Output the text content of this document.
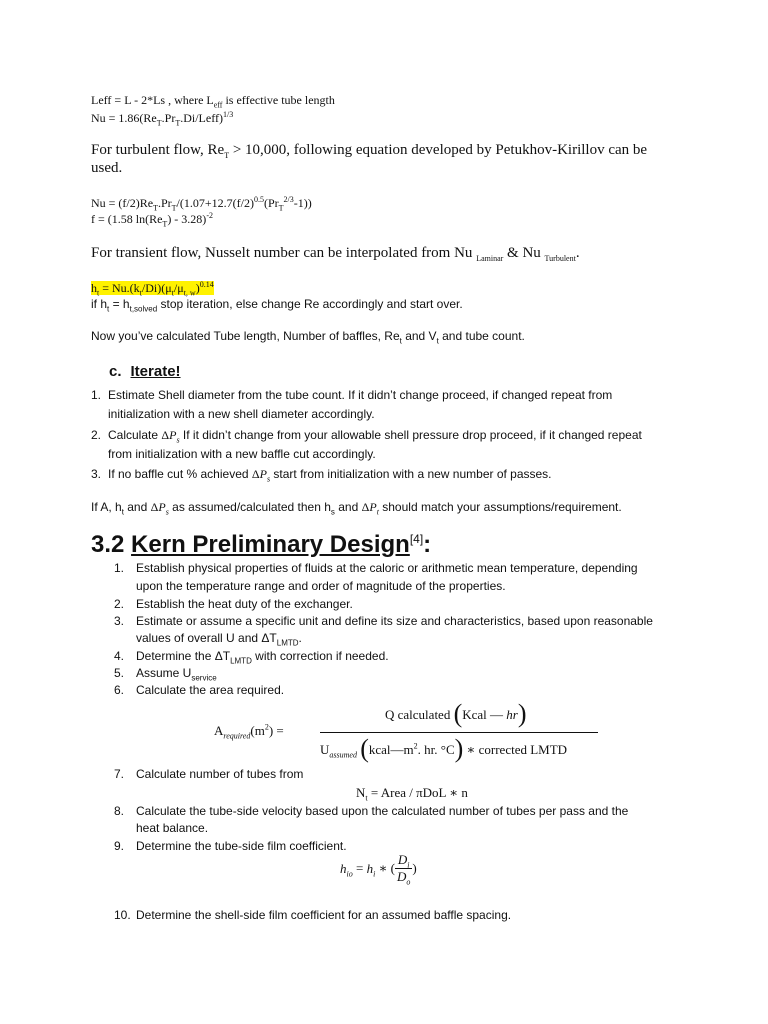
Leff = L - 2*Ls , where $L_{eff}$ is effective tube length
$Nu = 1.86(Re_T.Pr_T.Di/Leff)^{1/3}$
For turbulent flow, $Re_T > 10,000$, following equation developed by Petukhov-Kirillov can be
used.
$Nu = (f/2)Re_T.Pr_T/(1.07+12.7(f/2)^{0.5}(Pr_T^{2/3}-1))$
f = (1.58 $\ln(Re_T) - 3.28)^{-2}$
For transient flow, Nusselt number can be interpolated from Nu $_{Laminar}$ & Nu $_{Turbulent}$.
$h_t = Nu.(k_t/Di)(\mu_t/\mu_{t, w})^{0.14}$
if $h_t = h_{t,solved}$ stop iteration, else change Re accordingly and start over.
Now you’ve calculated Tube length, Number of baffles, $Re_t$ and $V_t$ and tube count.
c. Iterate!
1. Estimate Shell diameter from the tube count. If it didn’t change proceed, if changed repeat from
initialization with a new shell diameter accordingly.
2. Calculate $\Delta P_s$ If it didn’t change from your allowable shell pressure drop proceed, if it changed repeat
from initialization with a new baffle cut accordingly.
3. If no baffle cut % achieved $\Delta P_s$ start from initialization with a new number of passes.
If A, $h_t$ and $\Delta P_s$ as assumed/calculated then $h_s$ and $\Delta P_t$ should match your assumptions/requirement.
3.2 Kern Preliminary Design[4]:
1. Establish physical properties of fluids at the caloric or arithmetic mean temperature, depending
upon the temperature range and order of magnitude of the properties.
2. Establish the heat duty of the exchanger.
3. Estimate or assume a specific unit and define its size and characteristics, based upon reasonable
values of overall U and $\Delta T_{LMTD}$.
4. Determine the $\Delta T_{LMTD}$ with correction if needed.
5. Assume $U_{service}$
6. Calculate the area required.
$A_{required}(m^2)$ =
Q calculated (Kcal — hr)
$U_{assumed}$ ($kcal—m^2$. hr. °C) ∗ corrected LMTD
7. Calculate number of tubes from
$N_t$ = Area / πDoL ∗ n
8. Calculate the tube-side velocity based upon the calculated number of tubes per pass and the
heat balance.
9. Determine the tube-side film coefficient.
$h_{io} = h_i$ ∗ ( $\frac{D_i}{D_o}$ )
10. Determine the shell-side film coefficient for an assumed baffle spacing.
